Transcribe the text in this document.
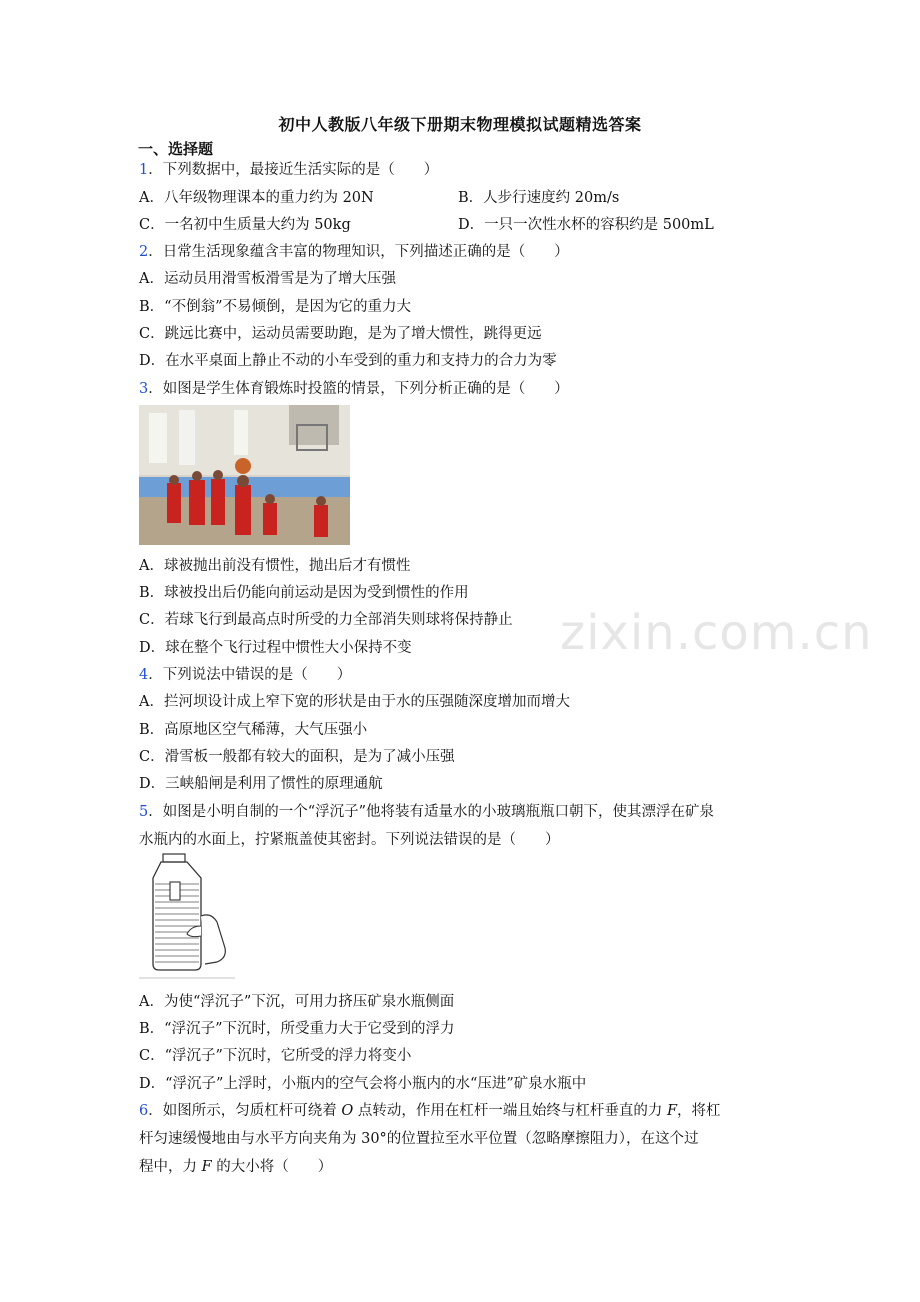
zixin.com.cn
初中人教版八年级下册期末物理模拟试题精选答案
一、选择题
1．下列数据中，最接近生活实际的是（　　）
A．八年级物理课本的重力约为 20N	B．人步行速度约 20m/s
C．一名初中生质量大约为 50kg	D．一只一次性水杯的容积约是 500mL
2．日常生活现象蕴含丰富的物理知识，下列描述正确的是（　　）
A．运动员用滑雪板滑雪是为了增大压强
B．“不倒翁”不易倾倒，是因为它的重力大
C．跳远比赛中，运动员需要助跑，是为了增大惯性，跳得更远
D．在水平桌面上静止不动的小车受到的重力和支持力的合力为零
3．如图是学生体育锻炼时投篮的情景，下列分析正确的是（　　）
A．球被抛出前没有惯性，抛出后才有惯性
B．球被投出后仍能向前运动是因为受到惯性的作用
C．若球飞行到最高点时所受的力全部消失则球将保持静止
D．球在整个飞行过程中惯性大小保持不变
4．下列说法中错误的是（　　）
A．拦河坝设计成上窄下宽的形状是由于水的压强随深度增加而增大
B．高原地区空气稀薄，大气压强小
C．滑雪板一般都有较大的面积，是为了减小压强
D．三峡船闸是利用了惯性的原理通航
5．如图是小明自制的一个“浮沉子”他将装有适量水的小玻璃瓶瓶口朝下，使其漂浮在矿泉
水瓶内的水面上，拧紧瓶盖使其密封。下列说法错误的是（　　）
A．为使“浮沉子”下沉，可用力挤压矿泉水瓶侧面
B．“浮沉子”下沉时，所受重力大于它受到的浮力
C．“浮沉子”下沉时，它所受的浮力将变小
D．“浮沉子”上浮时，小瓶内的空气会将小瓶内的水“压进”矿泉水瓶中
6．如图所示，匀质杠杆可绕着 O 点转动，作用在杠杆一端且始终与杠杆垂直的力 F，将杠
杆匀速缓慢地由与水平方向夹角为 30°的位置拉至水平位置（忽略摩擦阻力），在这个过
程中，力 F 的大小将（　　）
